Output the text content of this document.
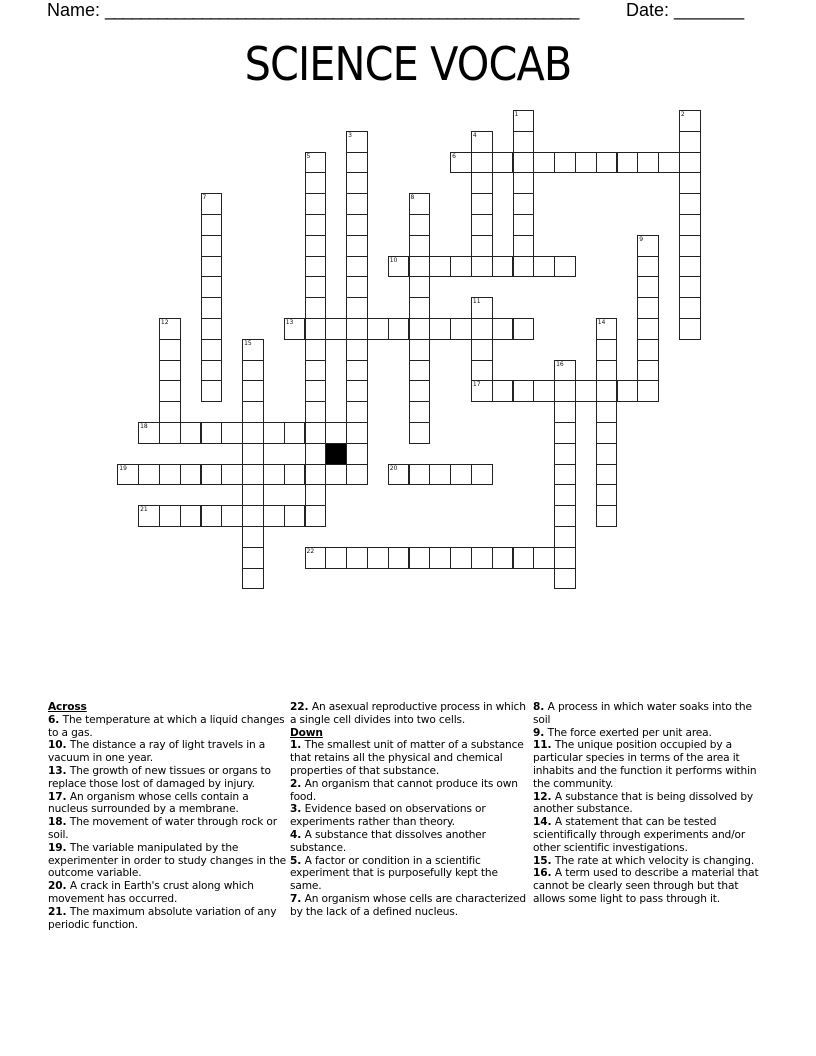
Name: ______________________________________________________	Date: _______
SCIENCE VOCAB
6
10
13
17
18
19	20
21
22
1	2
3	4
5
7	8
9
11
12	14
15
16
Across
6. The temperature at which a liquid changes to a gas.
10. The distance a ray of light travels in a vacuum in one year.
13. The growth of new tissues or organs to replace those lost of damaged by injury.
17. An organism whose cells contain a nucleus surrounded by a membrane.
18. The movement of water through rock or soil.
19. The variable manipulated by the experimenter in order to study changes in the outcome variable.
20. A crack in Earth's crust along which movement has occurred.
21. The maximum absolute variation of any periodic function.
22. An asexual reproductive process in which a single cell divides into two cells.
Down
1. The smallest unit of matter of a substance that retains all the physical and chemical properties of that substance.
2. An organism that cannot produce its own food.
3. Evidence based on observations or experiments rather than theory.
4. A substance that dissolves another substance.
5. A factor or condition in a scientific experiment that is purposefully kept the same.
7. An organism whose cells are characterized by the lack of a defined nucleus.
8. A process in which water soaks into the soil
9. The force exerted per unit area.
11. The unique position occupied by a particular species in terms of the area it inhabits and the function it performs within the community.
12. A substance that is being dissolved by another substance.
14. A statement that can be tested scientifically through experiments and/or other scientific investigations.
15. The rate at which velocity is changing.
16. A term used to describe a material that cannot be clearly seen through but that allows some light to pass through it.
